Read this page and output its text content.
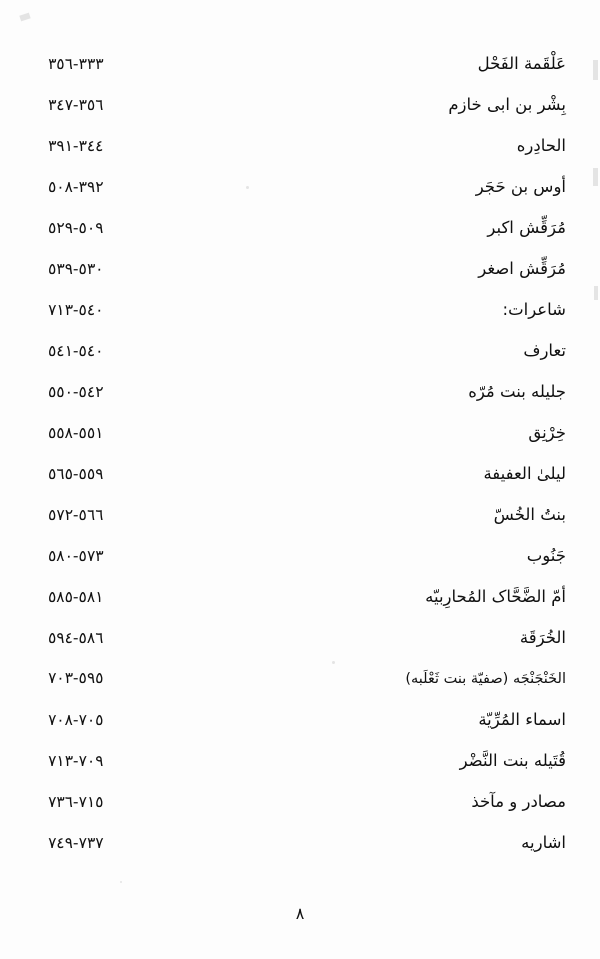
٣٣٣-٣٥٦	عَلْقَمة الفَحْل
٣٥٦-٣٤٧	بِشْر بن ابی خازم
٣٤٤-٣٩١	الحادِره
٣٩٢-٥٠٨	أوس بن حَجَر
٥٠٩-٥٢٩	مُرَقِّش اکبر
٥٣٠-٥٣٩	مُرَقِّش اصغر
٥٤٠-٧١٣	شاعرات:
٥٤٠-٥٤١	تعارف
٥٤٢-٥٥٠	جلیله بنت مُرّه
٥٥١-٥٥٨	خِرْنِق
٥٥٩-٥٦٥	لیلیٰ العفیفة
٥٦٦-٥٧٢	بنتُ الخُسّ
٥٧٣-٥٨٠	جَنُوب
٥٨١-٥٨٥	أمّ الضَّحَّاک المُحارِبیّه
٥٨٦-٥٩٤	الخُرَقَة
٥٩٥-٧٠٣	الخَنْجَنْجَه (صفیّة بنت ثَعْلَبه)
٧٠٥-٧٠٨	اسماء المُرِّیّة
٧٠٩-٧١٣	قُتَیله بنت النَّضْر
٧١٥-٧٣٦	مصادر و مآخذ
٧٣٧-٧٤٩	اشاریه
٨
